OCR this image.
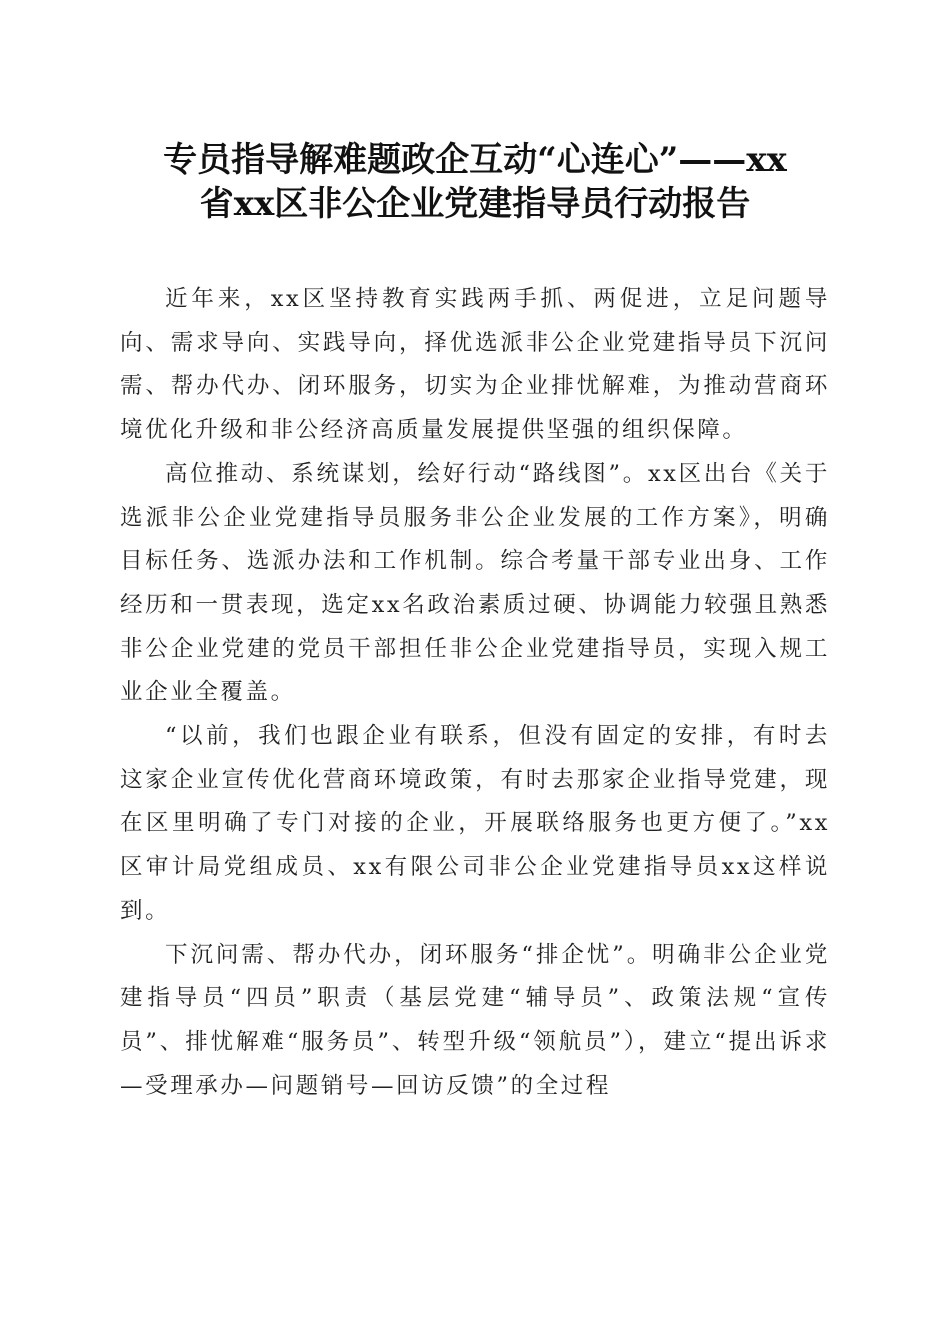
专员指导解难题政企互动“心连心”——xx
省xx区非公企业党建指导员行动报告

近年来，xx区坚持教育实践两手抓、两促进，立足问题导向、需求导向、实践导向，择优选派非公企业党建指导员下沉问需、帮办代办、闭环服务，切实为企业排忧解难，为推动营商环境优化升级和非公经济高质量发展提供坚强的组织保障。

高位推动、系统谋划，绘好行动“路线图”。xx区出台《关于选派非公企业党建指导员服务非公企业发展的工作方案》，明确目标任务、选派办法和工作机制。综合考量干部专业出身、工作经历和一贯表现，选定xx名政治素质过硬、协调能力较强且熟悉非公企业党建的党员干部担任非公企业党建指导员，实现入规工业企业全覆盖。

“以前，我们也跟企业有联系，但没有固定的安排，有时去这家企业宣传优化营商环境政策，有时去那家企业指导党建，现在区里明确了专门对接的企业，开展联络服务也更方便了。”xx区审计局党组成员、xx有限公司非公企业党建指导员xx这样说到。

下沉问需、帮办代办，闭环服务“排企忧”。明确非公企业党建指导员“四员”职责（基层党建“辅导员”、政策法规“宣传员”、排忧解难“服务员”、转型升级“领航员”），建立“提出诉求—受理承办—问题销号—回访反馈”的全过程
